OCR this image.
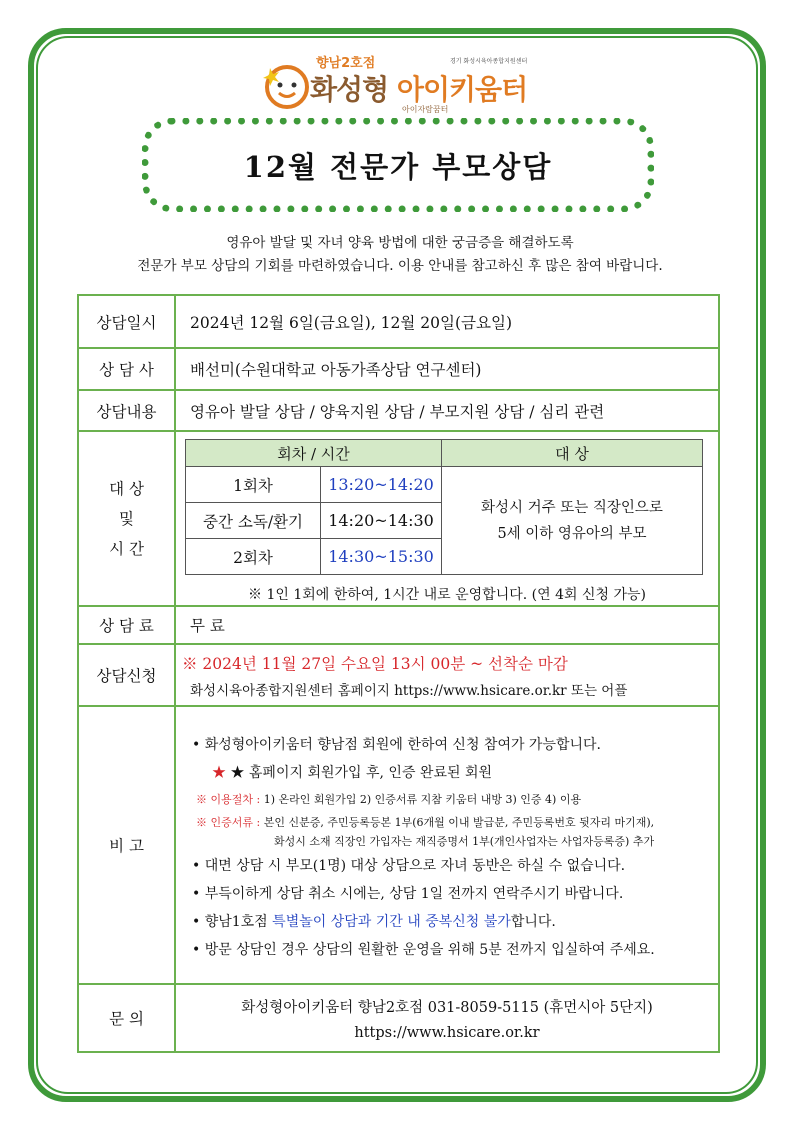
향남2호점	경기 화성시육아종합지원센터
화성형 아이키움터
아이자람꿈터
12월 전문가 부모상담
영유아 발달 및 자녀 양육 방법에 대한 궁금증을 해결하도록
전문가 부모 상담의 기회를 마련하였습니다. 이용 안내를 참고하신 후 많은 참여 바랍니다.
상담일시	2024년 12월 6일(금요일), 12월 20일(금요일)
상 담 사	배선미(수원대학교 아동가족상담 연구센터)
상담내용	영유아 발달 상담 / 양육지원 상담 / 부모지원 상담 / 심리 관련

대 상
및
시 간

회차 / 시간	대 상
1회차	13:20~14:20	
화성시 거주 또는 직장인으로
5세 이하 영유아의 부모

중간 소독/환기	14:20~14:30
2회차	14:30~15:30
※ 1인 1회에 한하여, 1시간 내로 운영합니다. (연 4회 신청 가능)

상 담 료	무 료
상담신청	
※ 2024년 11월 27일 수요일 13시 00분 ~ 선착순 마감
화성시육아종합지원센터 홈페이지 https://www.hsicare.or.kr 또는 어플

비 고	
• 화성형아이키움터 향남점 회원에 한하여 신청 참여가 가능합니다.
★ ★ 홈페이지 회원가입 후, 인증 완료된 회원
※ 이용절차 : 1) 온라인 회원가입 2) 인증서류 지참 키움터 내방 3) 인증 4) 이용
※ 인증서류 : 본인 신분증, 주민등록등본 1부(6개월 이내 발급분, 주민등록번호 뒷자리 마기재),
화성시 소재 직장인 가입자는 재직증명서 1부(개인사업자는 사업자등록증) 추가
• 대면 상담 시 부모(1명) 대상 상담으로 자녀 동반은 하실 수 없습니다.
• 부득이하게 상담 취소 시에는, 상담 1일 전까지 연락주시기 바랍니다.
• 향남1호점 특별놀이 상담과 기간 내 중복신청 불가합니다.
• 방문 상담인 경우 상담의 원활한 운영을 위해 5분 전까지 입실하여 주세요.

문 의	
화성형아이키움터 향남2호점 031-8059-5115 (휴먼시아 5단지)
https://www.hsicare.or.kr
